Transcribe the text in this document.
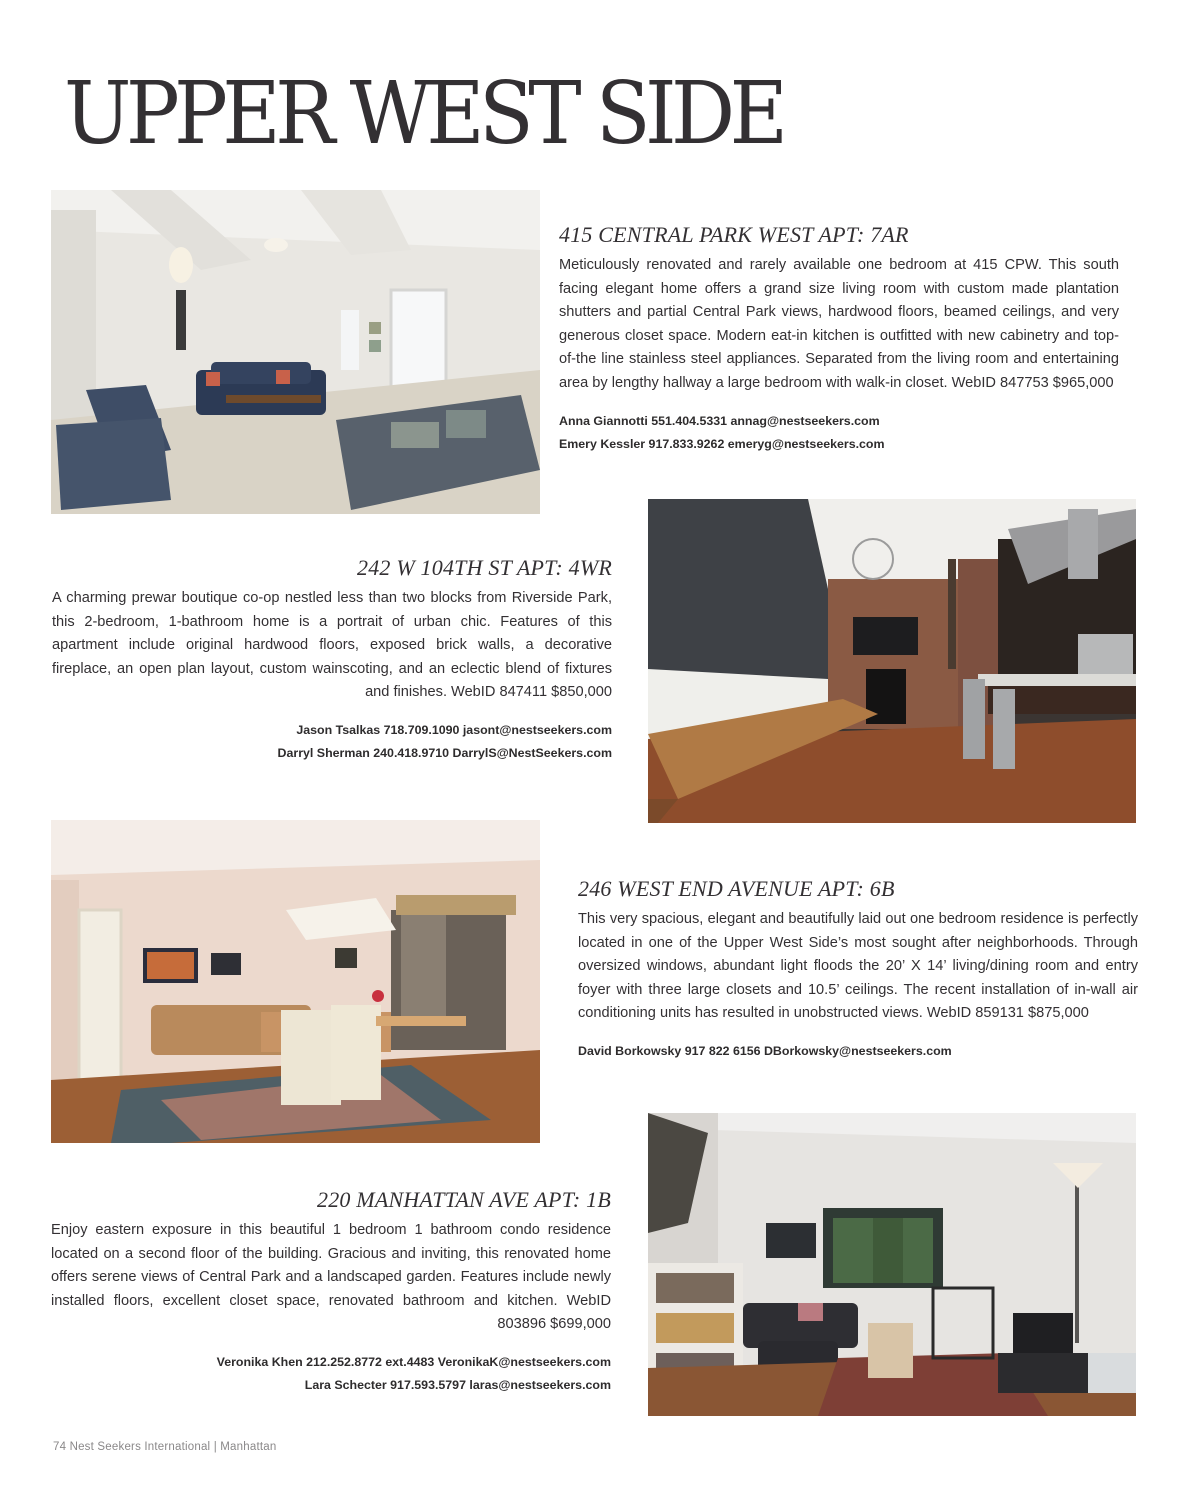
UPPER WEST SIDE
415 CENTRAL PARK WEST APT: 7AR

Meticulously renovated and rarely available one bedroom at 415 CPW. This south facing elegant home offers a grand size living room with custom made plantation shutters and partial Central Park views, hardwood floors, beamed ceilings, and very generous closet space. Modern eat-in kitchen is outfitted with new cabinetry and top-of-the line stainless steel appliances. Separated from the living room and entertaining area by lengthy hallway a large bedroom with walk-in closet. WebID 847753 $965,000

Anna Giannotti 551.404.5331 annag@nestseekers.com
Emery Kessler 917.833.9262 emeryg@nestseekers.com
242 W 104TH ST APT: 4WR

A charming prewar boutique co-op nestled less than two blocks from Riverside Park, this 2-bedroom, 1-bathroom home is a portrait of urban chic. Features of this apartment include original hardwood floors, exposed brick walls, a decorative fireplace, an open plan layout, custom wainscoting, and an eclectic blend of fixtures and finishes. WebID 847411 $850,000

Jason Tsalkas 718.709.1090 jasont@nestseekers.com
Darryl Sherman 240.418.9710 DarrylS@NestSeekers.com
246 WEST END AVENUE APT: 6B

This very spacious, elegant and beautifully laid out one bedroom residence is perfectly located in one of the Upper West Side’s most sought after neighborhoods. Through oversized windows, abundant light floods the 20’ X 14’ living/dining room and entry foyer with three large closets and 10.5’ ceilings. The recent installation of in-wall air conditioning units has resulted in unobstructed views. WebID 859131 $875,000

David Borkowsky 917 822 6156 DBorkowsky@nestseekers.com
220 MANHATTAN AVE APT: 1B

Enjoy eastern exposure in this beautiful 1 bedroom 1 bathroom condo residence located on a second floor of the building. Gracious and inviting, this renovated home offers serene views of Central Park and a landscaped garden. Features include newly installed floors, excellent closet space, renovated bathroom and kitchen. WebID 803896 $699,000

Veronika Khen 212.252.8772 ext.4483 VeronikaK@nestseekers.com
Lara Schecter 917.593.5797 laras@nestseekers.com
74 Nest Seekers International | Manhattan
